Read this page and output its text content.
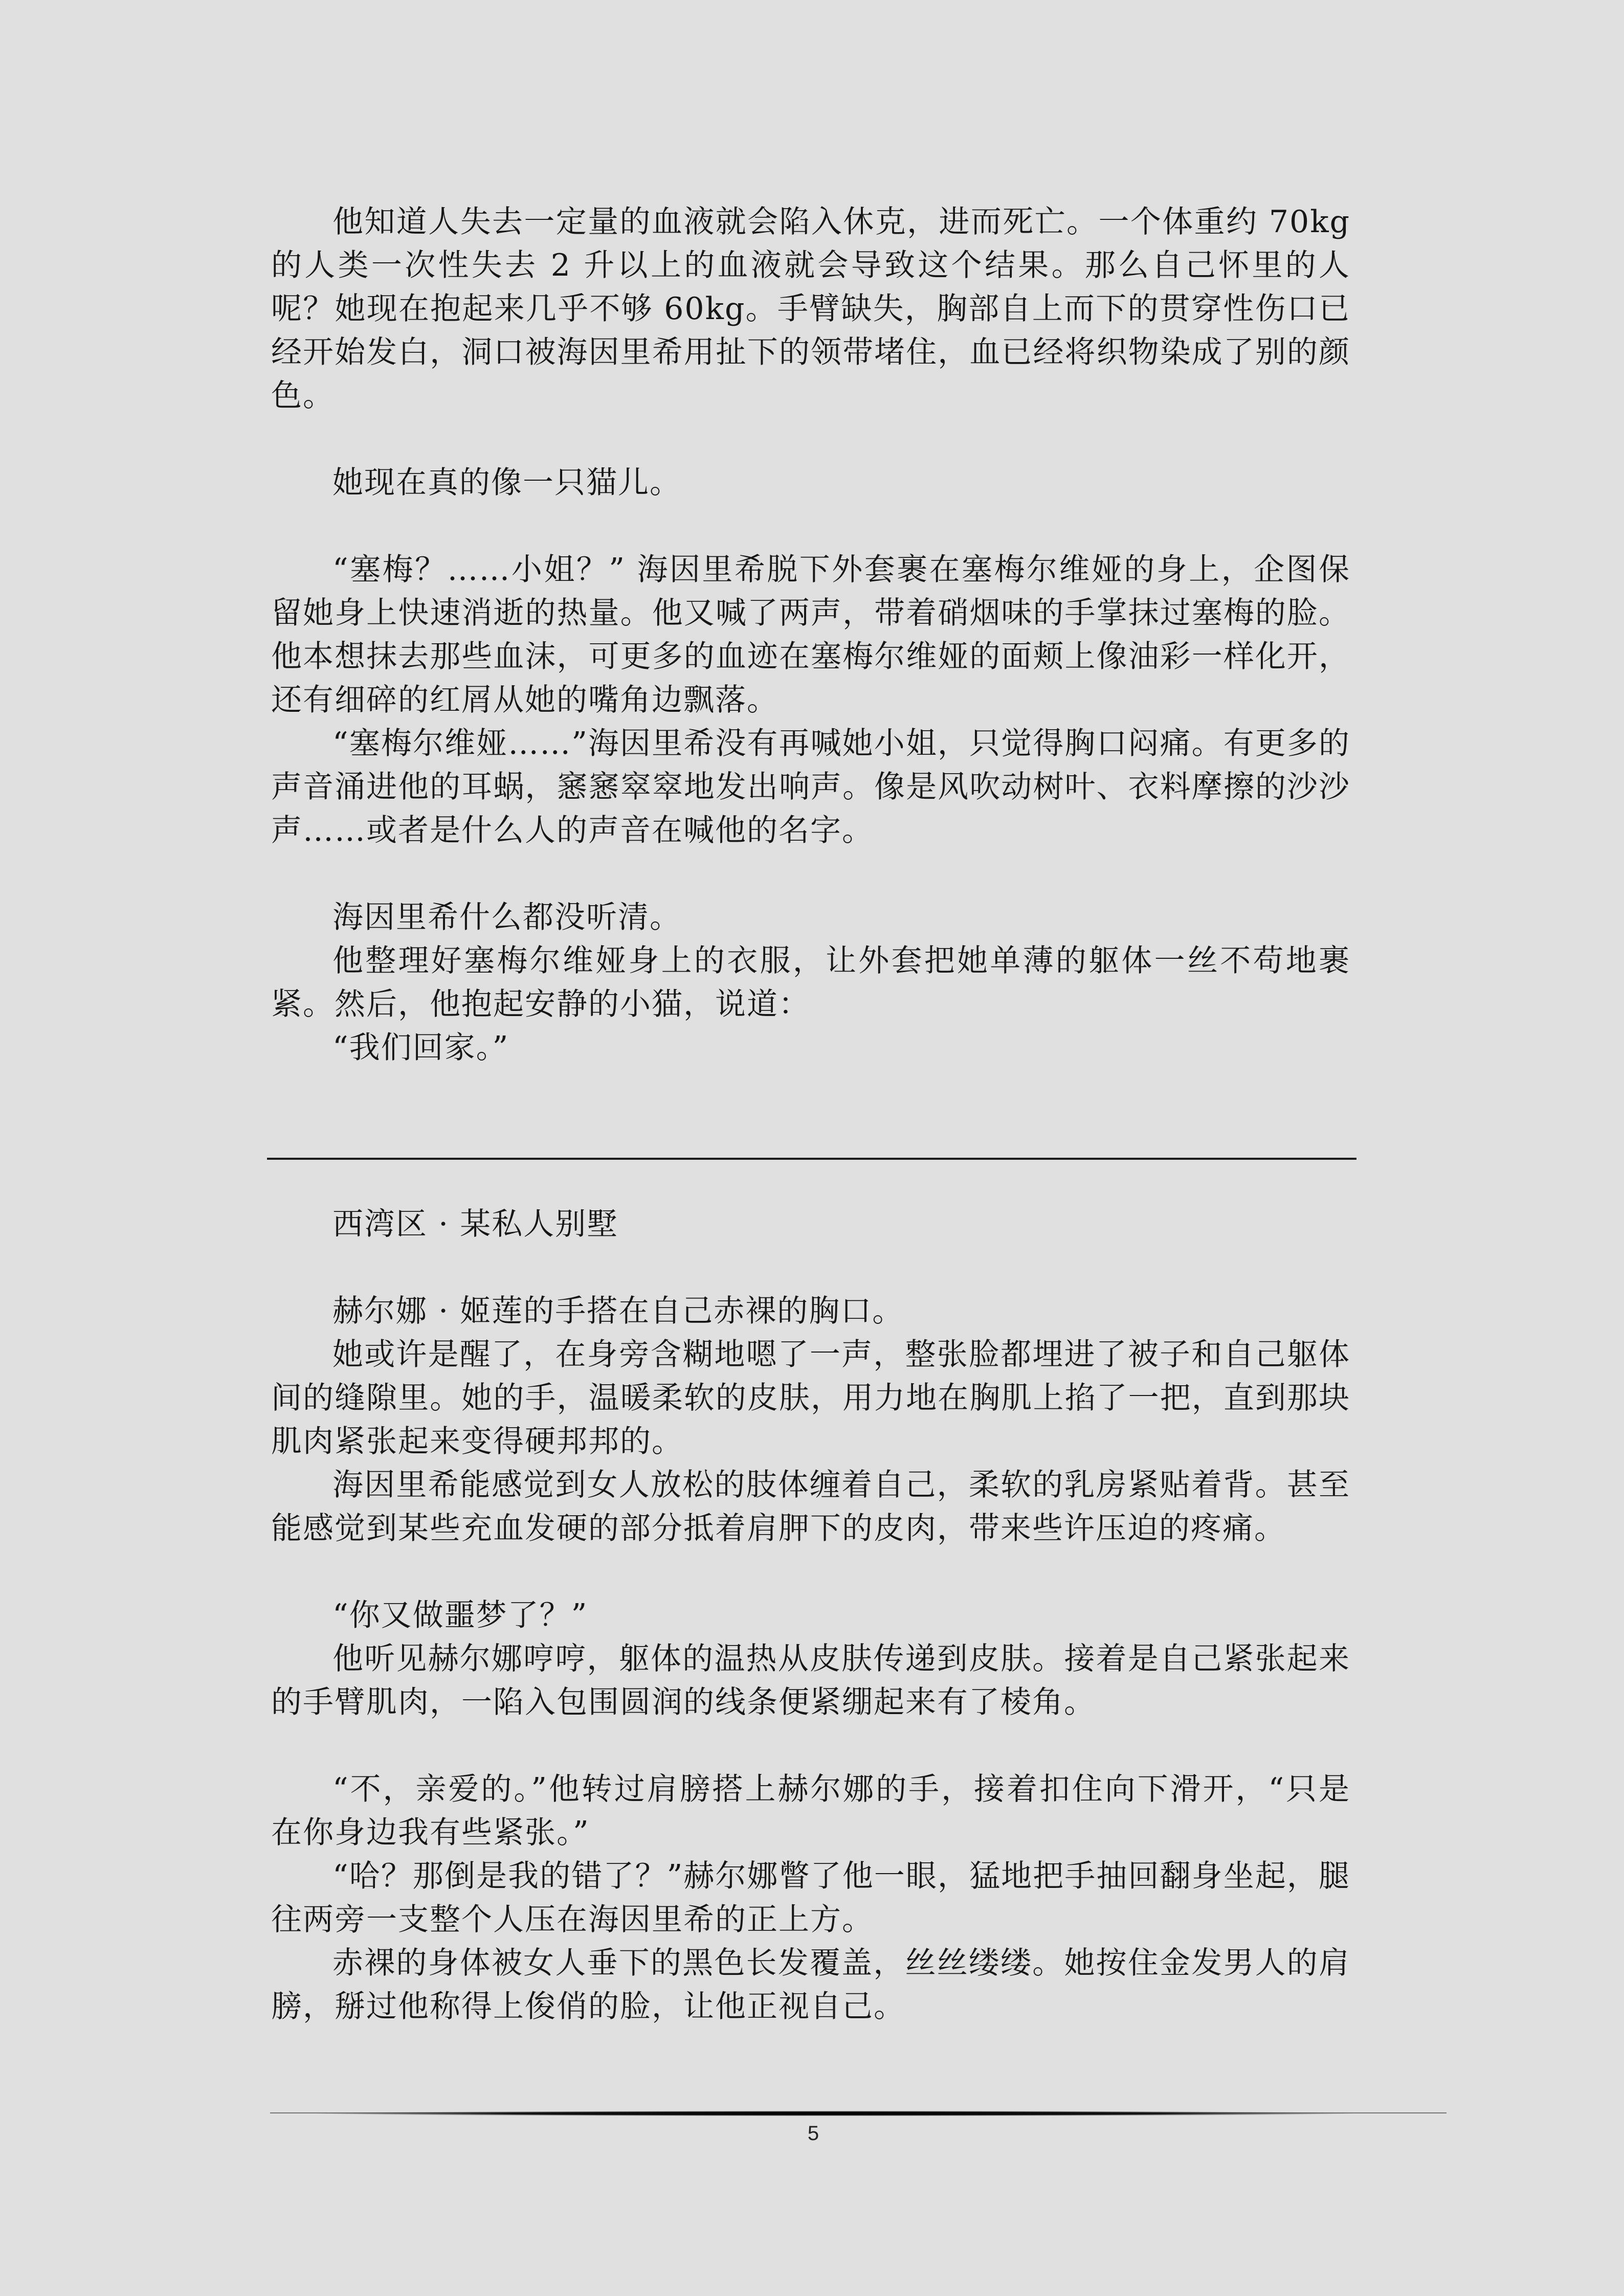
他知道人失去一定量的血液就会陷入休克，进而死亡。一个体重约 70kg 的人类一次性失去 2 升以上的血液就会导致这个结果。那么自己怀里的人呢？她现在抱起来几乎不够 60kg。手臂缺失，胸部自上而下的贯穿性伤口已经开始发白，洞口被海因里希用扯下的领带堵住，血已经将织物染成了别的颜色。

她现在真的像一只猫儿。

“塞梅？……小姐？” 海因里希脱下外套裹在塞梅尔维娅的身上，企图保留她身上快速消逝的热量。他又喊了两声，带着硝烟味的手掌抹过塞梅的脸。他本想抹去那些血沫，可更多的血迹在塞梅尔维娅的面颊上像油彩一样化开，还有细碎的红屑从她的嘴角边飘落。

“塞梅尔维娅……”海因里希没有再喊她小姐，只觉得胸口闷痛。有更多的声音涌进他的耳蜗，窸窸窣窣地发出响声。像是风吹动树叶、衣料摩擦的沙沙声……或者是什么人的声音在喊他的名字。

海因里希什么都没听清。

他整理好塞梅尔维娅身上的衣服，让外套把她单薄的躯体一丝不苟地裹紧。然后，他抱起安静的小猫，说道：

“我们回家。”

西湾区 · 某私人别墅

赫尔娜 · 姬莲的手搭在自己赤裸的胸口。

她或许是醒了，在身旁含糊地嗯了一声，整张脸都埋进了被子和自己躯体间的缝隙里。她的手，温暖柔软的皮肤，用力地在胸肌上掐了一把，直到那块肌肉紧张起来变得硬邦邦的。

海因里希能感觉到女人放松的肢体缠着自己，柔软的乳房紧贴着背。甚至能感觉到某些充血发硬的部分抵着肩胛下的皮肉，带来些许压迫的疼痛。

“你又做噩梦了？”

他听见赫尔娜哼哼，躯体的温热从皮肤传递到皮肤。接着是自己紧张起来的手臂肌肉，一陷入包围圆润的线条便紧绷起来有了棱角。

“不，亲爱的。”他转过肩膀搭上赫尔娜的手，接着扣住向下滑开，“只是在你身边我有些紧张。”

“哈？那倒是我的错了？”赫尔娜瞥了他一眼，猛地把手抽回翻身坐起，腿往两旁一支整个人压在海因里希的正上方。

赤裸的身体被女人垂下的黑色长发覆盖，丝丝缕缕。她按住金发男人的肩膀，掰过他称得上俊俏的脸，让他正视自己。

5
